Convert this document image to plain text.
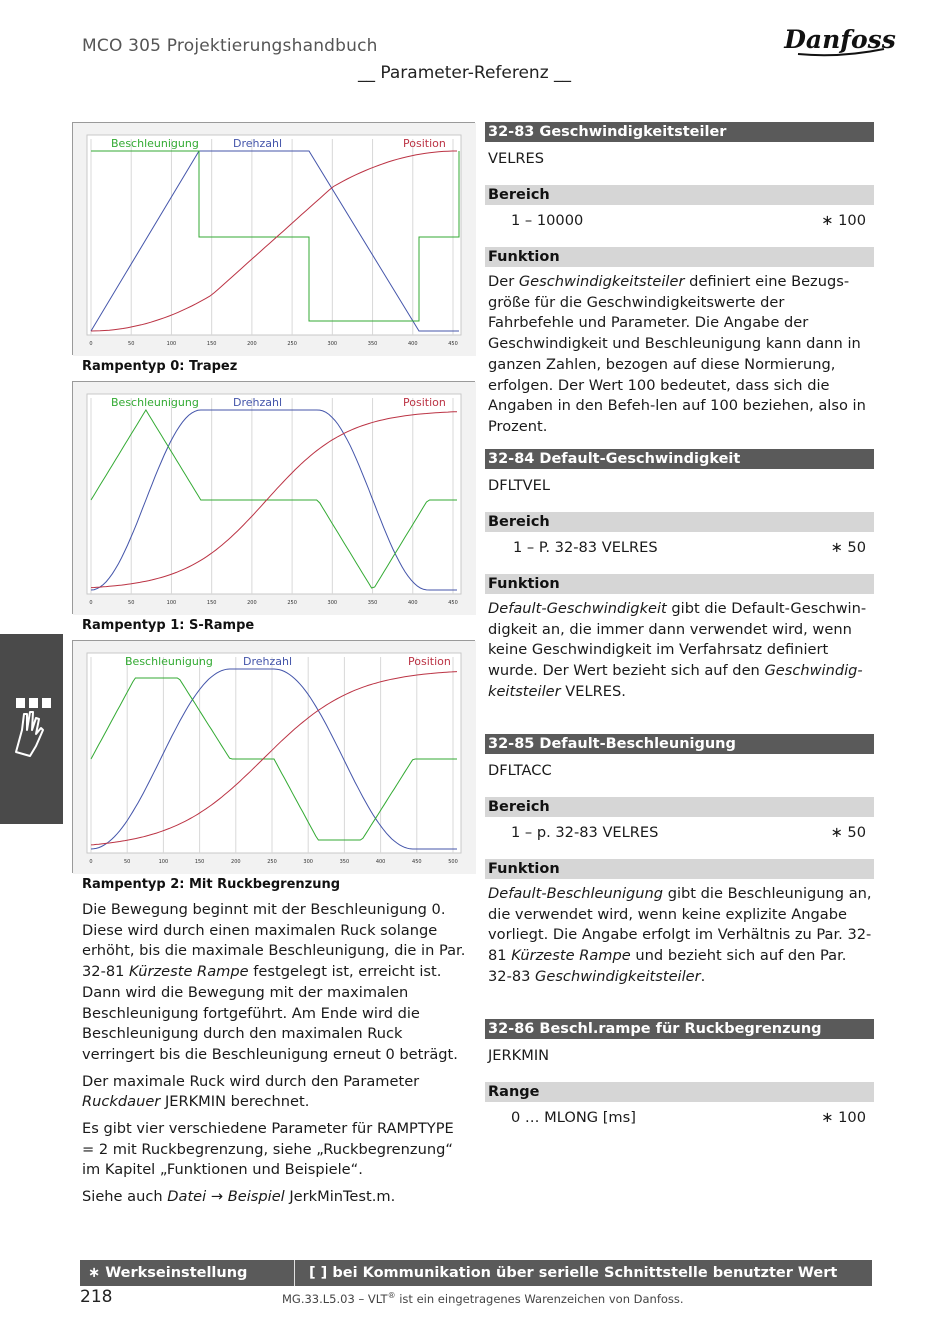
MCO 305 Projektierungshandbuch
__ Parameter-Referenz __
Danfoss
0	50	100	150	200	250	300	350	400	450
Beschleunigung	Drehzahl	Position
Rampentyp 0: Trapez
0	50	100	150	200	250	300	350	400	450
Beschleunigung	Drehzahl	Position
Rampentyp 1: S-Rampe
0	50	100	150	200	250	300	350	400	450	500
Beschleunigung	Drehzahl	Position
Rampentyp 2: Mit Ruckbegrenzung

Die Bewegung beginnt mit der Beschleunigung 0. Diese wird durch einen maximalen Ruck solange erhöht, bis die maximale Beschleunigung, die in Par. 32-81 Kürzeste Rampe festgelegt ist, erreicht ist. Dann wird die Bewegung mit der maximalen Beschleunigung fortgeführt. Am Ende wird die Beschleunigung durch den maximalen Ruck verringert bis die Beschleunigung erneut 0 beträgt.

Der maximale Ruck wird durch den Parameter Ruckdauer JERKMIN berechnet.

Es gibt vier verschiedene Parameter für RAMPTYPE = 2 mit Ruckbegrenzung, siehe „Ruckbegrenzung“ im Kapitel „Funktionen und Beispiele“.

Siehe auch Datei → Beispiel JerkMinTest.m.

32-83 Geschwindigkeitsteiler
VELRES
Bereich
1 – 10000	∗ 100
Funktion
Der Geschwindigkeitsteiler definiert eine Bezugs-größe für die Geschwindigkeitswerte der Fahrbefehle und Parameter. Die Angabe der Geschwindigkeit und Beschleunigung kann dann in ganzen Zahlen, bezogen auf diese Normierung, erfolgen. Der Wert 100 bedeutet, dass sich die Angaben in den Befeh-len auf 100 beziehen, also in Prozent.
32-84 Default-Geschwindigkeit
DFLTVEL
Bereich
1 – P. 32-83 VELRES	∗ 50
Funktion
Default-Geschwindigkeit gibt die Default-Geschwin-digkeit an, die immer dann verwendet wird, wenn keine Geschwindigkeit im Verfahrsatz definiert wurde. Der Wert bezieht sich auf den Geschwindig-keitsteiler VELRES.
32-85 Default-Beschleunigung
DFLTACC
Bereich
1 – p. 32-83 VELRES	∗ 50
Funktion
Default-Beschleunigung gibt die Beschleunigung an, die verwendet wird, wenn keine explizite Angabe vorliegt. Die Angabe erfolgt im Verhältnis zu Par. 32-81 Kürzeste Rampe und bezieht sich auf den Par. 32-83 Geschwindigkeitsteiler.
32-86 Beschl.rampe für Ruckbegrenzung
JERKMIN
Range
0 … MLONG [ms]	∗ 100
∗ Werkseinstellung	[ ] bei Kommunikation über serielle Schnittstelle benutzter Wert
218	MG.33.L5.03 – VLT® ist ein eingetragenes Warenzeichen von Danfoss.
